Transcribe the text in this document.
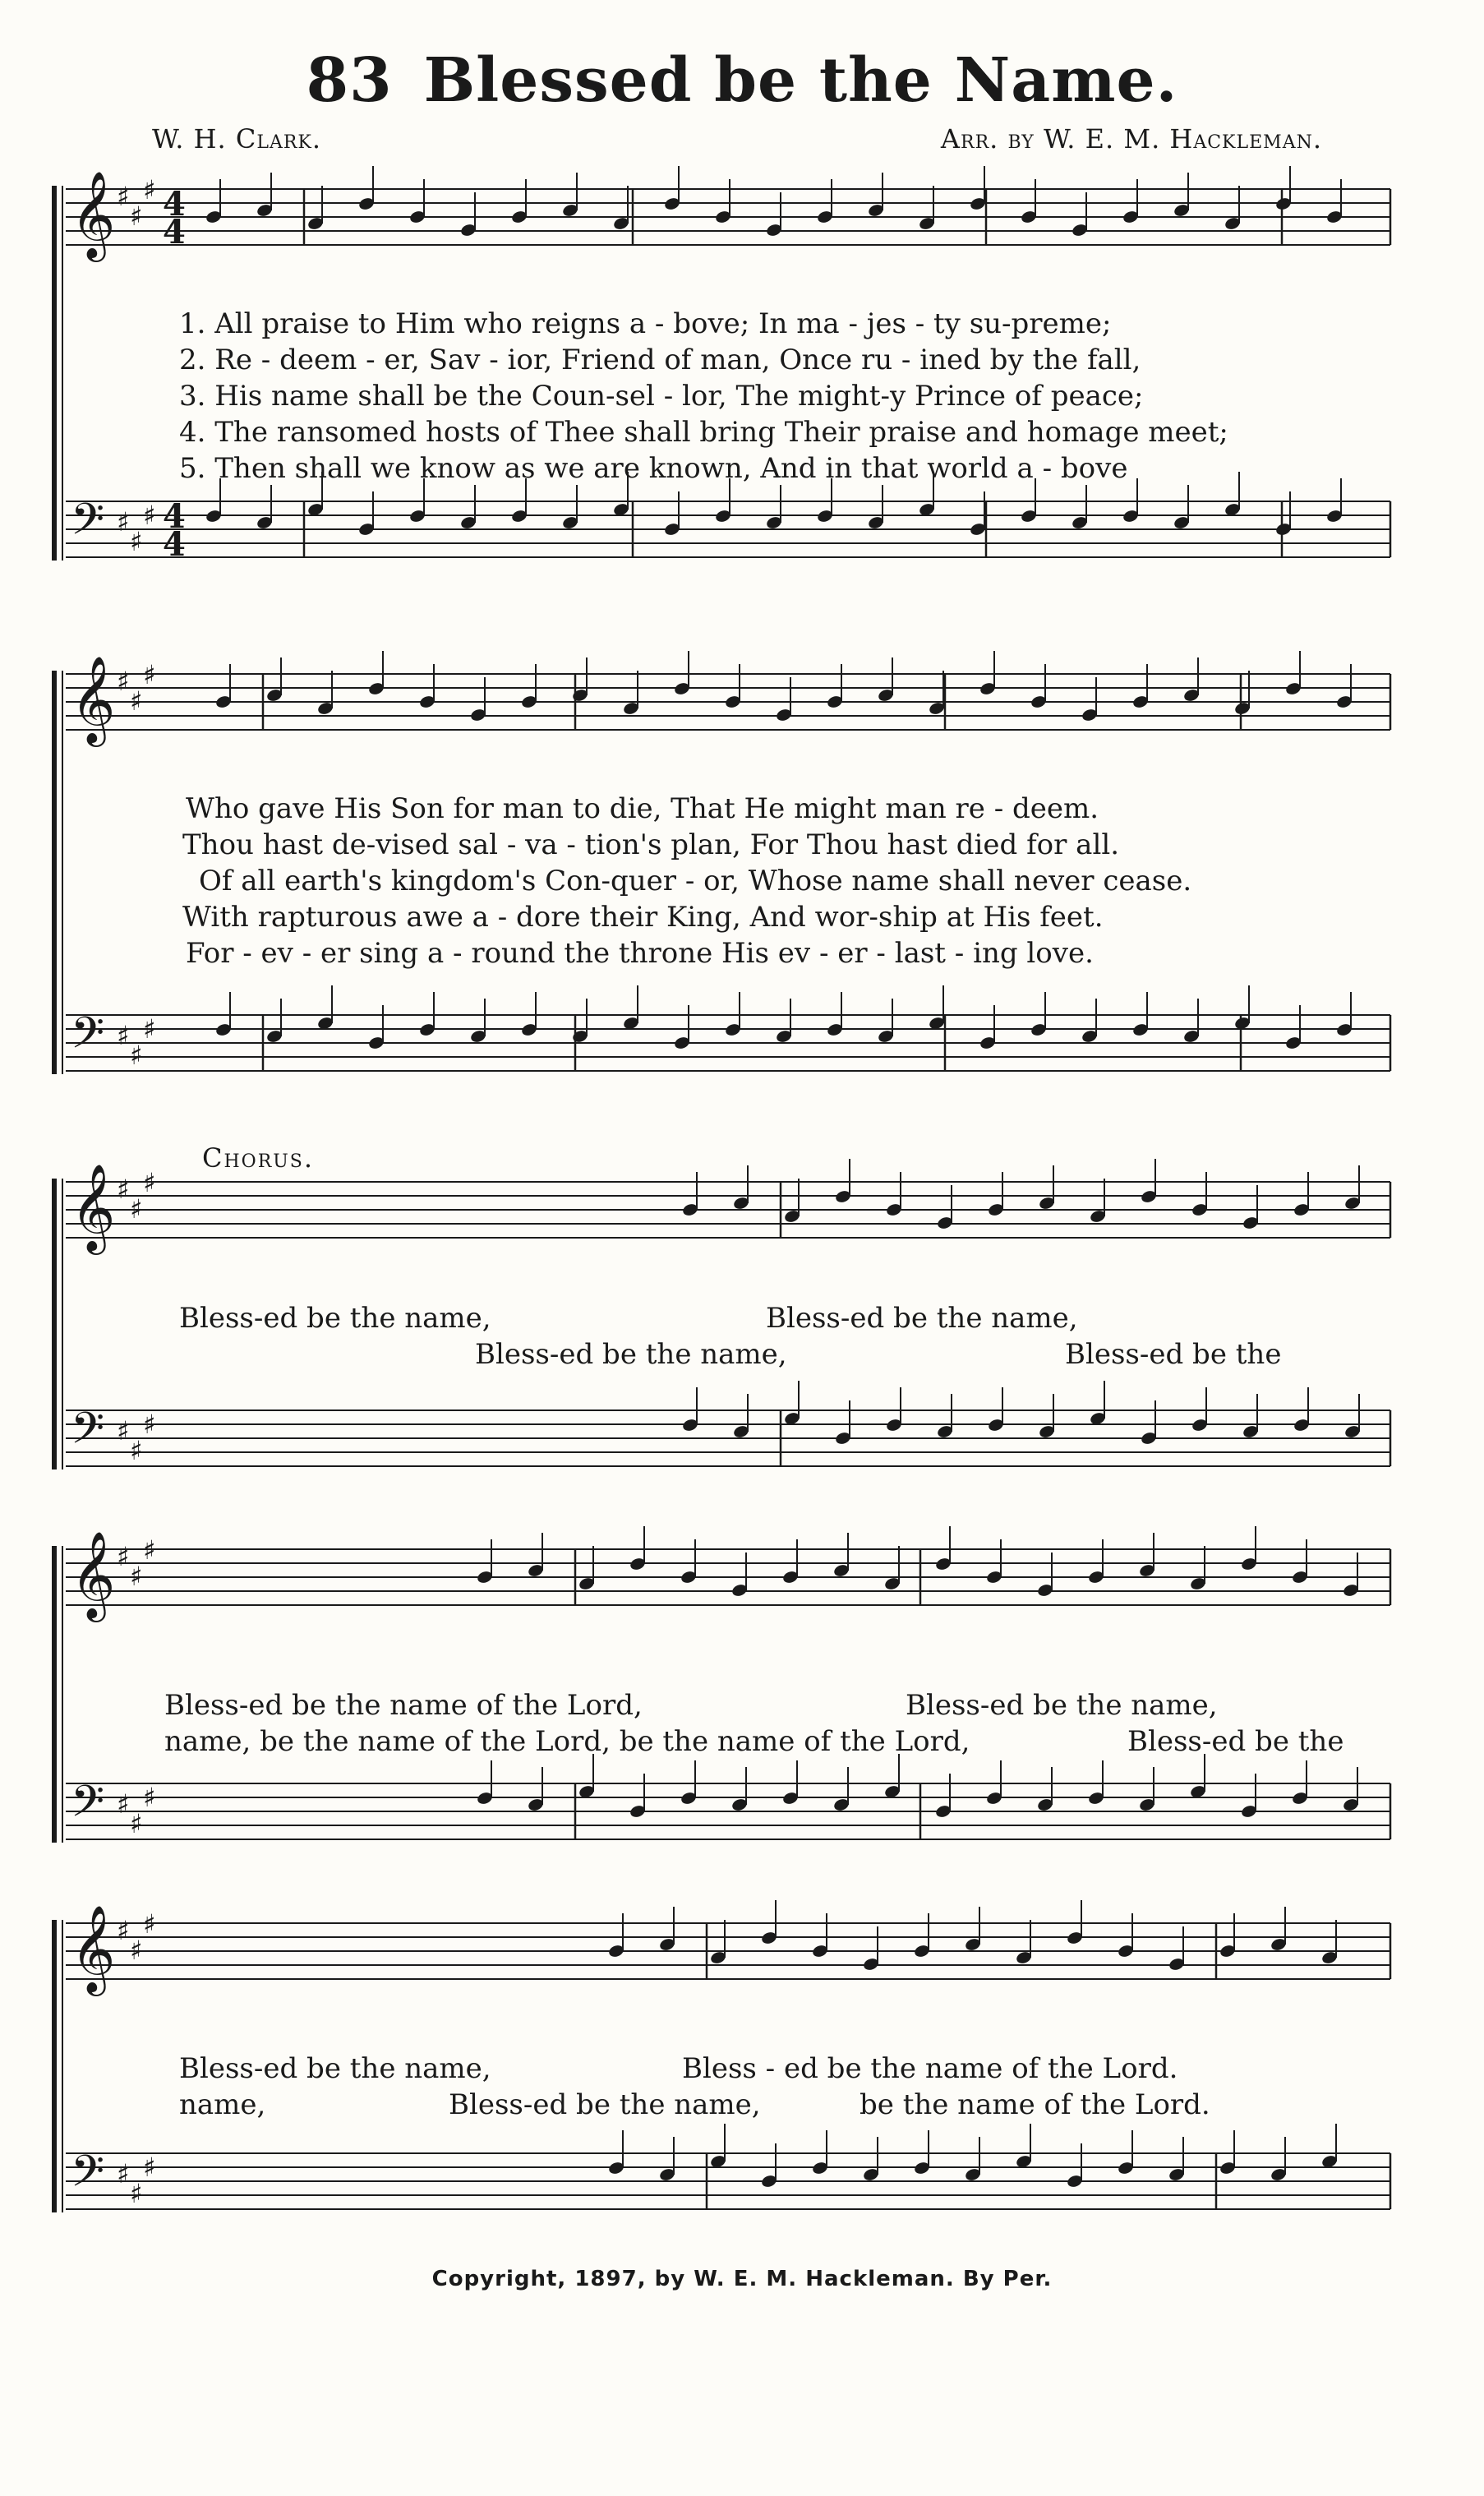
83 Blessed be the Name.
W. H. Clark.	Arr. by W. E. M. Hackleman.
𝄞 ♯
♯
♯
𝄢 ♯
♯
♯
𝄞 ♯
♯
♯
𝄢 ♯
♯
♯
𝄞 ♯
♯
♯
𝄢 ♯
♯
♯
𝄞 ♯
♯
♯
𝄢 ♯
♯
♯
𝄞 ♯
♯
♯
𝄢 ♯
♯
♯
4
4
4
4
1. All praise to Him who reigns a - bove; In ma - jes - ty su-preme;
2. Re - deem - er, Sav - ior, Friend of man, Once ru - ined by the fall,
3. His name shall be the Coun-sel - lor, The might-y Prince of peace;
4. The ransomed hosts of Thee shall bring Their praise and homage meet;
5. Then shall we know as we are known, And in that world a - bove
Who gave His Son for man to die, That He might man re - deem.
Thou hast de-vised sal - va - tion's plan, For Thou hast died for all.
Of all earth's kingdom's Con-quer - or, Whose name shall never cease.
With rapturous awe a - dore their King, And wor-ship at His feet.
For - ev - er sing a - round the throne His ev - er - last - ing love.
Chorus.
Bless-ed be the name,	Bless-ed be the name,
Bless-ed be the name,	Bless-ed be the
Bless-ed be the name of the Lord,	Bless-ed be the name,
name, be the name of the Lord, be the name of the Lord,	Bless-ed be the
Bless-ed be the name,	Bless - ed be the name of the Lord.
name,	Bless-ed be the name,	be the name of the Lord.
Copyright, 1897, by W. E. M. Hackleman. By Per.
